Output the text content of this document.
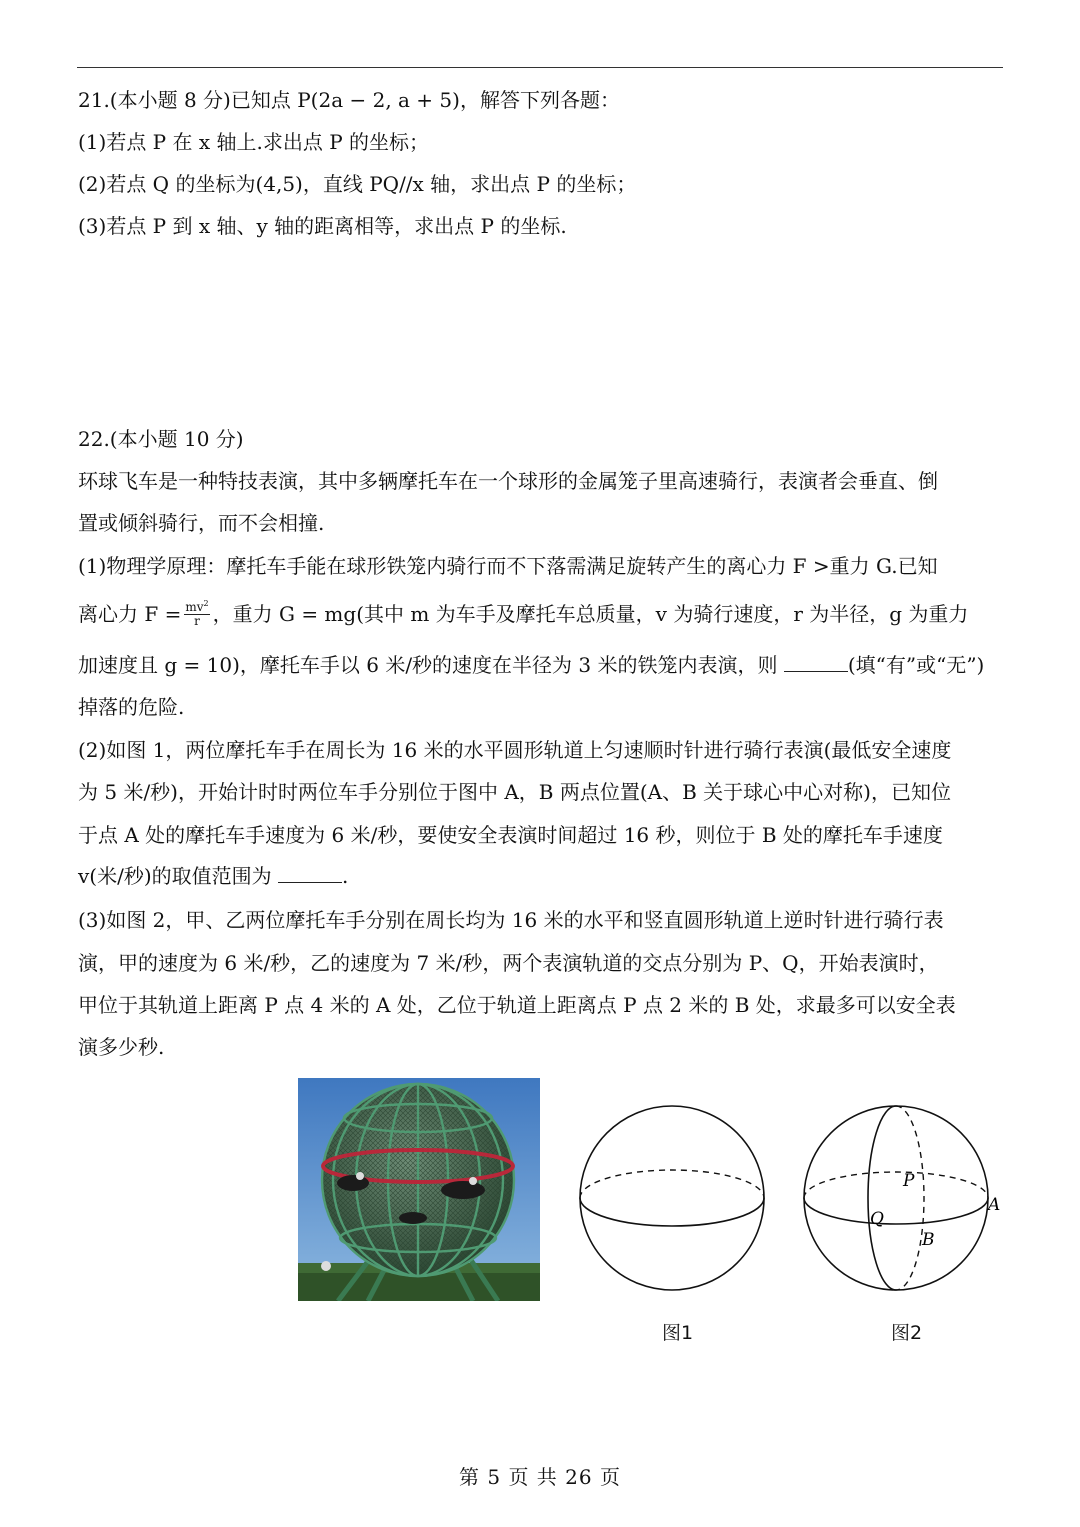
21.(本小题 8 分)已知点 P(2a − 2, a + 5)，解答下列各题：
(1)若点 P 在 x 轴上.求出点 P 的坐标；
(2)若点 Q 的坐标为(4,5)，直线 PQ//x 轴，求出点 P 的坐标；
(3)若点 P 到 x 轴、y 轴的距离相等，求出点 P 的坐标.
22.(本小题 10 分)
环球飞车是一种特技表演，其中多辆摩托车在一个球形的金属笼子里高速骑行，表演者会垂直、倒
置或倾斜骑行，而不会相撞.
(1)物理学原理：摩托车手能在球形铁笼内骑行而不下落需满足旋转产生的离心力 F >重力 G.已知
离心力 $F = \frac{mv^2}{r}$ ，重力 G = mg(其中 m 为车手及摩托车总质量，v 为骑行速度，r 为半径，g 为重力
加速度且 g = 10)，摩托车手以 6 米/秒的速度在半径为 3 米的铁笼内表演，则	(填“有”或“无”)
掉落的危险.
(2)如图 1，两位摩托车手在周长为 16 米的水平圆形轨道上匀速顺时针进行骑行表演(最低安全速度
为 5 米/秒)，开始计时时两位车手分别位于图中 A，B 两点位置(A、B 关于球心中心对称)，已知位
于点 A 处的摩托车手速度为 6 米/秒，要使安全表演时间超过 16 秒，则位于 B 处的摩托车手速度
v(米/秒)的取值范围为	.
(3)如图 2，甲、乙两位摩托车手分别在周长均为 16 米的水平和竖直圆形轨道上逆时针进行骑行表
演，甲的速度为 6 米/秒，乙的速度为 7 米/秒，两个表演轨道的交点分别为 P、Q，开始表演时，
甲位于其轨道上距离 P 点 4 米的 A 处，乙位于轨道上距离点 P 点 2 米的 B 处，求最多可以安全表
演多少秒.
图1
P
Q
A
B
图2
第 5 页 共 26 页
